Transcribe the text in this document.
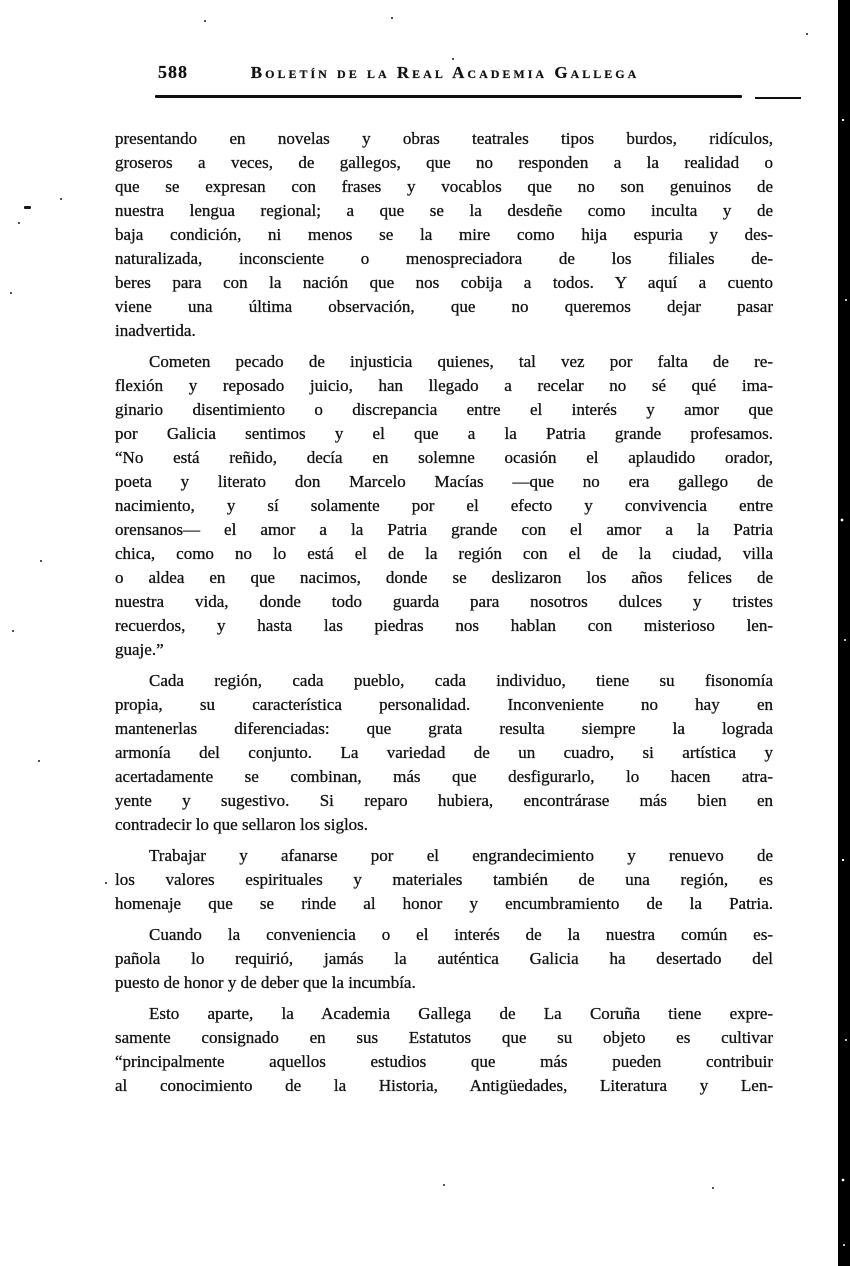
588	Boletín de la Real Academia Gallega
presentando en novelas y obras teatrales tipos burdos, ridículos,
groseros a veces, de gallegos, que no responden a la realidad o
que se expresan con frases y vocablos que no son genuinos de
nuestra lengua regional; a que se la desdeñe como inculta y de
baja condición, ni menos se la mire como hija espuria y des-
naturalizada, inconsciente o menospreciadora de los filiales de-
beres para con la nación que nos cobija a todos. Y aquí a cuento
viene una última observación, que no queremos dejar pasar
inadvertida.
Cometen pecado de injusticia quienes, tal vez por falta de re-
flexión y reposado juicio, han llegado a recelar no sé qué ima-
ginario disentimiento o discrepancia entre el interés y amor que
por Galicia sentimos y el que a la Patria grande profesamos.
“No está reñido, decía en solemne ocasión el aplaudido orador,
poeta y literato don Marcelo Macías —que no era gallego de
nacimiento, y sí solamente por el efecto y convivencia entre
orensanos— el amor a la Patria grande con el amor a la Patria
chica, como no lo está el de la región con el de la ciudad, villa
o aldea en que nacimos, donde se deslizaron los años felices de
nuestra vida, donde todo guarda para nosotros dulces y tristes
recuerdos, y hasta las piedras nos hablan con misterioso len-
guaje.”
Cada región, cada pueblo, cada individuo, tiene su fisonomía
propia, su característica personalidad. Inconveniente no hay en
mantenerlas diferenciadas: que grata resulta siempre la lograda
armonía del conjunto. La variedad de un cuadro, si artística y
acertadamente se combinan, más que desfigurarlo, lo hacen atra-
yente y sugestivo. Si reparo hubiera, encontrárase más bien en
contradecir lo que sellaron los siglos.
Trabajar y afanarse por el engrandecimiento y renuevo de
los valores espirituales y materiales también de una región, es
homenaje que se rinde al honor y encumbramiento de la Patria.
Cuando la conveniencia o el interés de la nuestra común es-
pañola lo requirió, jamás la auténtica Galicia ha desertado del
puesto de honor y de deber que la incumbía.
Esto aparte, la Academia Gallega de La Coruña tiene expre-
samente consignado en sus Estatutos que su objeto es cultivar
“principalmente aquellos estudios que más pueden contribuir
al conocimiento de la Historia, Antigüedades, Literatura y Len-
